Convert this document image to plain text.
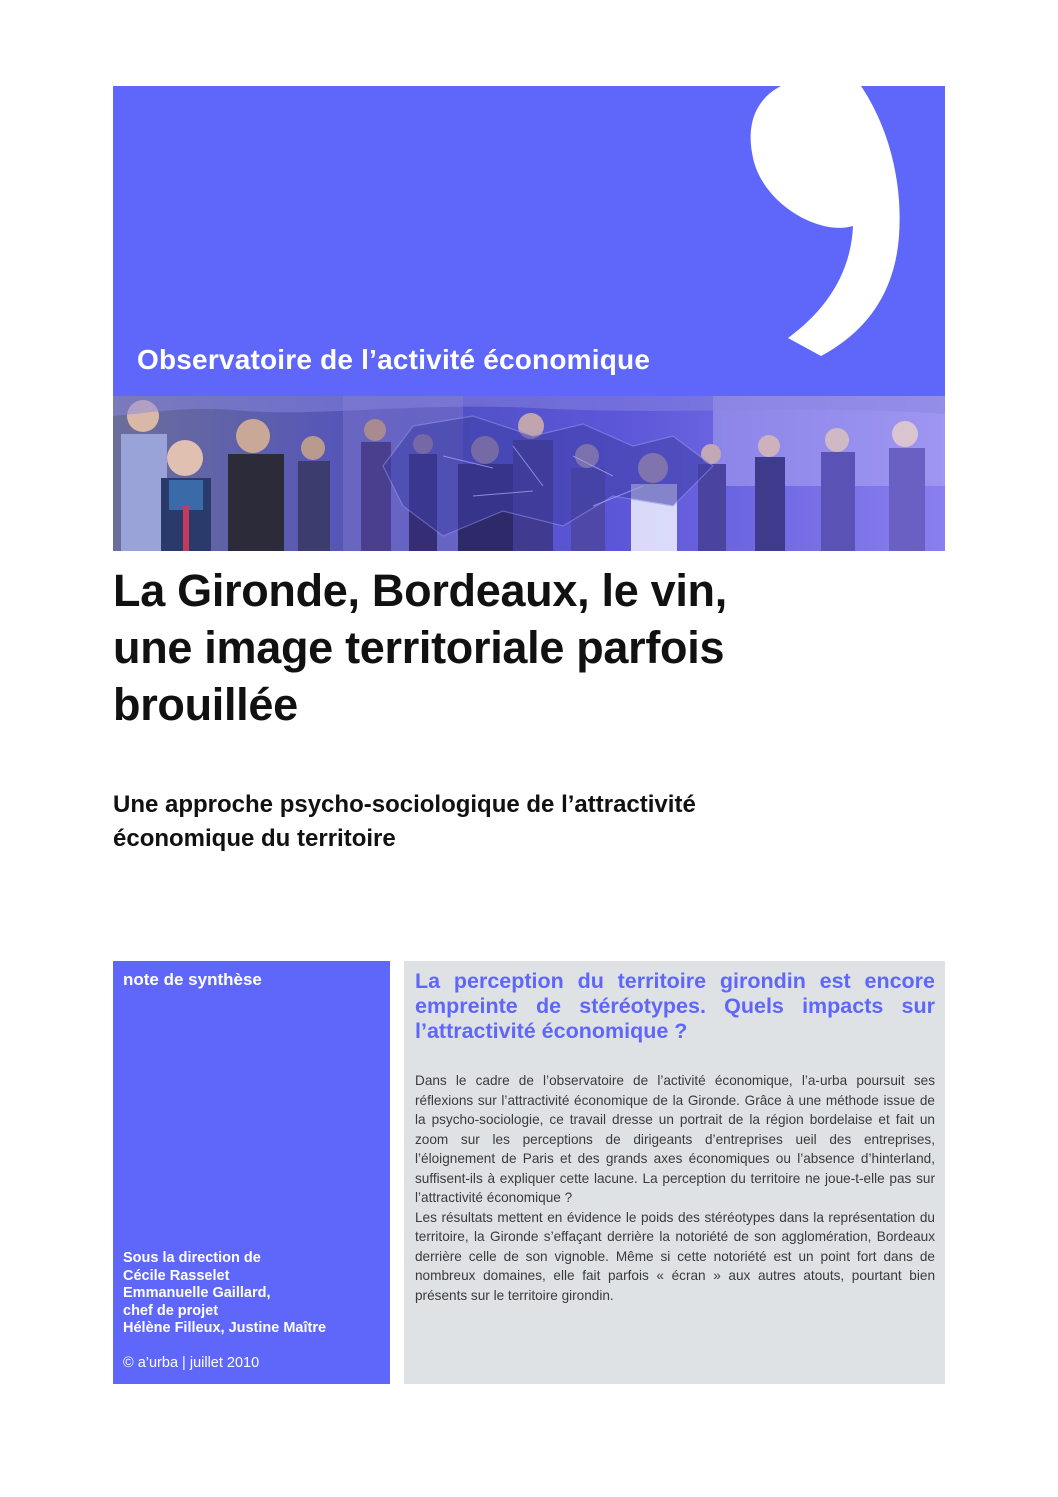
Observatoire de l’activité économique
La Gironde, Bordeaux, le vin,
une image territoriale parfois
brouillée
Une approche psycho-sociologique de l’attractivité
économique du territoire
note de synthèse
Sous la direction de
Cécile Rasselet
Emmanuelle Gaillard,
chef de projet
Hélène Filleux, Justine Maître
© a’urba | juillet 2010
La perception du territoire girondin est encore empreinte de stéréotypes. Quels impacts sur l’attractivité économique ?

Dans le cadre de l’observatoire de l’activité économique, l’a-urba poursuit ses réflexions sur l’attractivité économique de la Gironde. Grâce à une méthode issue de la psycho-sociologie, ce travail dresse un portrait de la région bordelaise et fait un zoom sur les perceptions de dirigeants d’entreprises ueil des entreprises, l’éloignement de Paris et des grands axes économiques ou l’absence d’hinterland, suffisent-ils à expliquer cette lacune. La perception du territoire ne joue-t-elle pas sur l’attractivité économique ?

Les résultats mettent en évidence le poids des stéréotypes dans la représentation du territoire, la Gironde s’effaçant derrière la notoriété de son agglomération, Bordeaux derrière celle de son vignoble. Même si cette notoriété est un point fort dans de nombreux domaines, elle fait parfois « écran » aux autres atouts, pourtant bien présents sur le territoire girondin.
